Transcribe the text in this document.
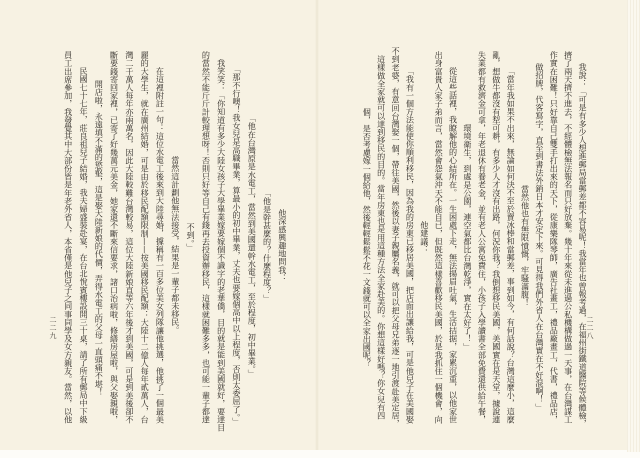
他深感興趣地問我：
「他是幹甚麼的？什麼程度？」
「他在台灣原是水電工，當然到美國還幹水電工，至於程度，初中畢業。」
「那不行噢！我女兒是高職畢業，算最小的初中畢業，丈夫也要嫁個高中以上程度，否則太委屈了。」
我笑笑：「你知道有多少大陸女孩子大學畢業嫁要嫁個不識字的老華僑，目的就是能到美國就好，要達目
的當然不能斤斤計較理想呀！否則只好等自己有錢再去投資辦移民，這樣就困難多多，也可能一輩子都達
不到。」
當然這計劃他無法接受，結果是一輩子都未移民。
在這裡附註一句：這位水電工後來到大陸尋婚，據稱有一百多位美女列隊讓他挑選，他挑了一個最美
麗的大學生，就在廣州結婚，可是由於移民配額限制——按美國移民配額：大陸十二億人每年貳萬人，台
灣二千萬人每年亦兩萬名，因此大陸較難台灣較易，這位大陸新娘直等六年後才到美國，可是到美後卻不
斷要錢寄回家裡，已寄了好幾萬元美金，她家還不斷來信要求，諸口治病啦，修繕房屋啦，與父娶親啦，
開店啦，永遠填不滿的慾壑，這是娶大陸新娘的代價，弄得水電工的父母一直頭痛不堪！
民國七十七年，莊良祖兒子結婚，我夫婦盛裝赴宴，在台北悅賓樓設開三十桌，請了所有郵局中下級
員工出席參加，我發覺其中大部份皆是年老外省人，本省僅是他兒子之同事同學及女方親友。當然，以他	我說：「可是有多少人想進郵局當郵差都不容易呢！我當年也曾報考過，在福州街鐵道醫院等候體檢，
擠了兩天擠不進去，不經體檢無法報名而只好放棄。幾十年來從未進過公私機構做過一天事，在台灣謀工
作實在困難！只好靠自己雙手打出來的天下，從康樂隊琴師，廣告社畫工，禮品廠畫工，代書，禮品店，
做招牌，代客寫字，直至到書法外銷日本才安定下來。可見得我們外省人在台灣實在不好混啊！」
當然他也有無限憤慨，牢騷滿腹！
「當年我如果不出來，無論如何決不至於賣冰棒和當郵差，事到如今，有何話說？台灣這麼小，這麼
亂，想做牛都沒有犁可耕，有多少人才沒有出路，何況你我？我倒想移民美國，美國實在是天堂，據說連
失業都有救濟金可拿，年老退休有養老金，並有老人公寓免費住，小孩子入學讀書全部免費還供給午餐，
環境衛生，到處是公園，連空氣都比台灣乾淨，實在太好了！」
從這些話裡，我瞭解他的心結所在。一生困處下走，無法揚眉吐氣，生活拮据，家累沉重，以他家世
出身富貴人家子弟而言，當然會怨氣沖天不能自已，但既然這樣喜歡移民美國，於是我抓住一個機會，向
他建議：
「我有一個方法能使你順利移民，因為我的房東已移居美國，把店面出讓給我，可是他兒子在美國娶
不到老婆，有意回台灣娶一個，帶往美國，然後以妻子親屬名義，就可以把父母兄弟逐一地引渡赴美定居，
這樣做全家就可以達到移民的目的。當年房東也是用這種方法全家赴美的。你想這樣好嗎？你女兒有四
個，是否考慮嫁一個給他，然後輕輕鬆鬆不花一文錢就可以全家出國呢？
二二九	二二八
